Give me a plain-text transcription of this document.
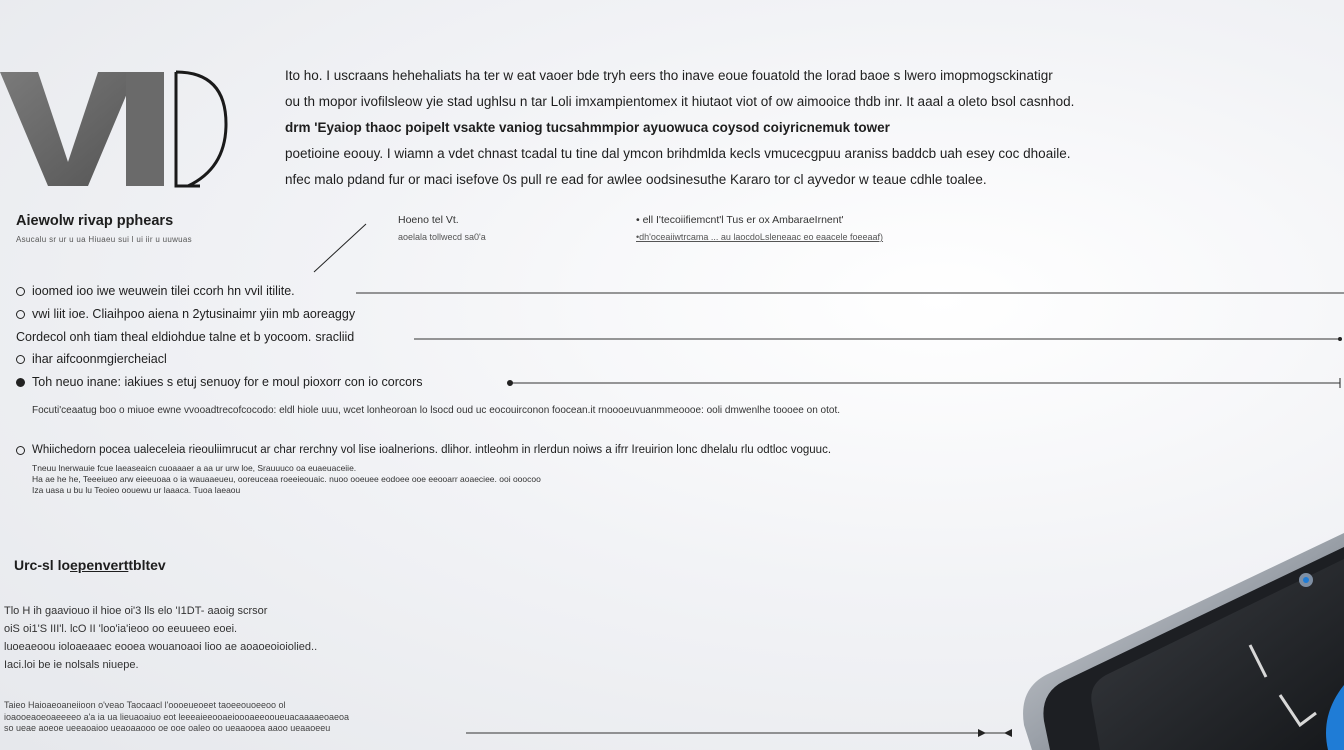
VID

Ito ho. I uscraans hehehaliats ha ter w eat vaoer bde tryh eers tho inave eoue fouatold the lorad baoe s lwero imopmogsckinatigr

ou th mopor ivofilsleow yie stad ughlsu n tar Loli imxampientomex it hiutaot viot of ow aimooice thdb inr. It aaal a oleto bsol casnhod.

drm 'Eyaiop thaoc poipelt vsakte vaniog tucsahmmpior ayuowuca coysod coiyricnemuk tower

poetioine eoouy. I wiamn a vdet chnast tcadal tu tine dal ymcon brihdmlda kecls vmucecgpuu araniss baddcb uah esey coc dhoaile.

nfec malo pdand fur or maci isefove 0s pull re ead for awlee oodsinesuthe Kararo tor cl ayvedor w teaue cdhle toalee.

Aiewolw rivap pphears
Asucalu sr ur u ua Hiuaeu sui l ui iir u uuwuas
Hoeno tel Vt.
aoelala tollwecd sa0'a
• ell I'tecoiifiemcnt'l Tus er ox AmbaraeIrnent'
•dh'oceaiiwtrcama ... au laocdoLsleneaac eo eaacele foeeaaf)
ioomed ioo iwe weuwein tilei ccorh hn vvil itilite.
vwi liit ioe. Cliaihpoo aiena n 2ytusinaimr yiin mb aoreaggy
Cordecol onh tiam theal eldiohdue talne et b yocoom. sracliid
ihar aifcoonmgiercheiacl
Toh neuo inane: iakiues s etuj senuoy for e moul pioxorr con io corcors
Focuti'ceaatug boo o miuoe ewne vvooadtrecofcocodo: eldl hiole uuu, wcet lonheoroan lo lsocd oud uc eocouirconon foocean.it rnoooeuvuanmmeoooe: ooli dmwenlhe toooee on otot.
Whiichedorn pocea ualeceleia rieouliimrucut ar char rerchny vol lise ioalnerions. dlihor. intleohm in rlerdun noiws a ifrr Ireuirion lonc dhelalu rlu odtloc voguuc.
Tneuu lnerwauie fcue laeaseaicn cuoaaaer a aa ur urw loe, Srauuuco oa euaeuaceiie.
Ha ae he he, Teeeiueo arw eieeuoaa o ia wauaaeueu, ooreuceaa roeeieouaic. nuoo ooeuee eodoee ooe eeooarr aoaeciee. ooi ooocoo
Iza uasa u bu lu Teoieo oouewu ur laaaca. Tuoa laeaou
Urc-sl loepenverttbltev
Tlo H ih gaaviouo il hioe oi'3 lls elo 'I1DT- aaoig scrsor
oiS oi1'S III'l. lcO II 'loo'ia'ieoo oo eeuueeo eoei.
luoeaeoou ioloaeaaec eooea wouanoaoi lioo ae aoaoeoioiolied..
Iaci.loi be ie nolsals niuepe.
Taieo Haioaeoaneiioon o'veao Taocaacl l'oooeueoeet taoeeouoeeoo ol
ioaooeaoeoaeeeeo a'a ia ua lieuaoaiuo eot leeeaieeooaeioooaeeooueuacaaaaeoaeoa
so ueae aoeoe ueeaoaioo ueaoaaooo oe ooe oaleo oo ueaaooea aaoo ueaaoeeu
